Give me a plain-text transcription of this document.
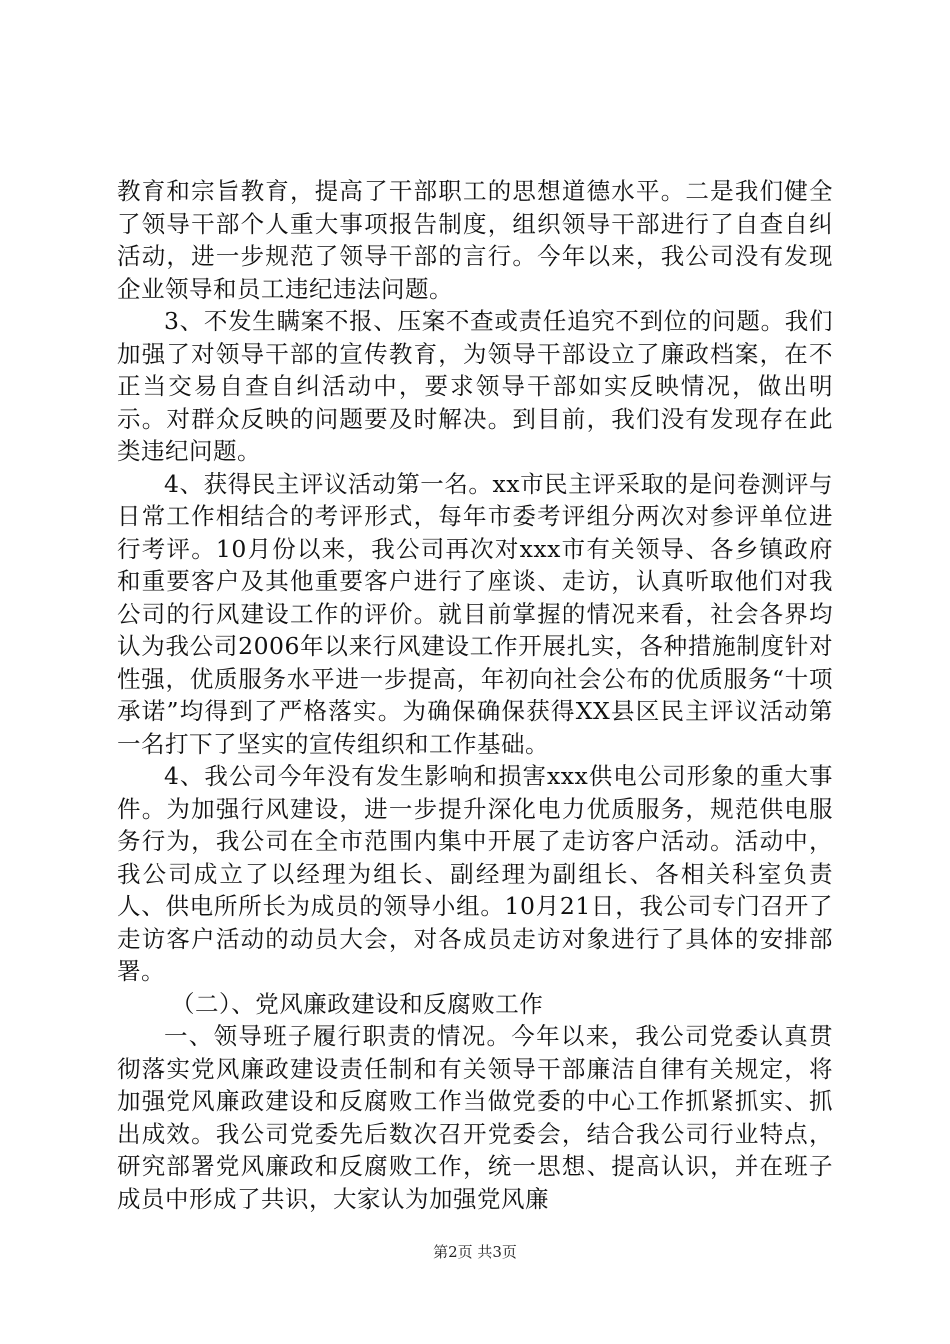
教育和宗旨教育，提高了干部职工的思想道德水平。二是我们健全了领导干部个人重大事项报告制度，组织领导干部进行了自查自纠活动，进一步规范了领导干部的言行。今年以来，我公司没有发现企业领导和员工违纪违法问题。

3、不发生瞒案不报、压案不查或责任追究不到位的问题。我们加强了对领导干部的宣传教育，为领导干部设立了廉政档案，在不正当交易自查自纠活动中，要求领导干部如实反映情况，做出明示。对群众反映的问题要及时解决。到目前，我们没有发现存在此类违纪问题。

4、获得民主评议活动第一名。xx市民主评采取的是问卷测评与日常工作相结合的考评形式，每年市委考评组分两次对参评单位进行考评。10月份以来，我公司再次对xxx市有关领导、各乡镇政府和重要客户及其他重要客户进行了座谈、走访，认真听取他们对我公司的行风建设工作的评价。就目前掌握的情况来看，社会各界均认为我公司2006年以来行风建设工作开展扎实，各种措施制度针对性强，优质服务水平进一步提高，年初向社会公布的优质服务“十项承诺”均得到了严格落实。为确保确保获得XX县区民主评议活动第一名打下了坚实的宣传组织和工作基础。

4、我公司今年没有发生影响和损害xxx供电公司形象的重大事件。为加强行风建设，进一步提升深化电力优质服务，规范供电服务行为，我公司在全市范围内集中开展了走访客户活动。活动中，我公司成立了以经理为组长、副经理为副组长、各相关科室负责人、供电所所长为成员的领导小组。10月21日，我公司专门召开了走访客户活动的动员大会，对各成员走访对象进行了具体的安排部署。

（二）、党风廉政建设和反腐败工作

一、领导班子履行职责的情况。今年以来，我公司党委认真贯彻落实党风廉政建设责任制和有关领导干部廉洁自律有关规定，将加强党风廉政建设和反腐败工作当做党委的中心工作抓紧抓实、抓出成效。我公司党委先后数次召开党委会，结合我公司行业特点，研究部署党风廉政和反腐败工作，统一思想、提高认识，并在班子成员中形成了共识，大家认为加强党风廉

第2页 共3页
